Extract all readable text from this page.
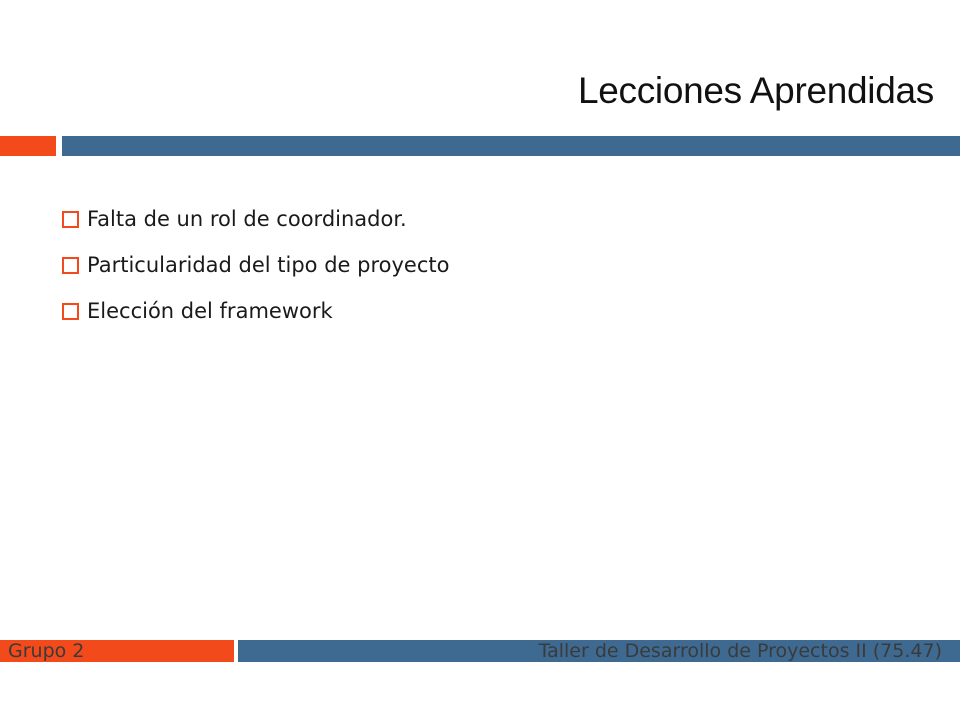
Lecciones Aprendidas
Falta de un rol de coordinador.
Particularidad del tipo de proyecto
Elección del framework
Grupo 2	Taller de Desarrollo de Proyectos II (75.47)
